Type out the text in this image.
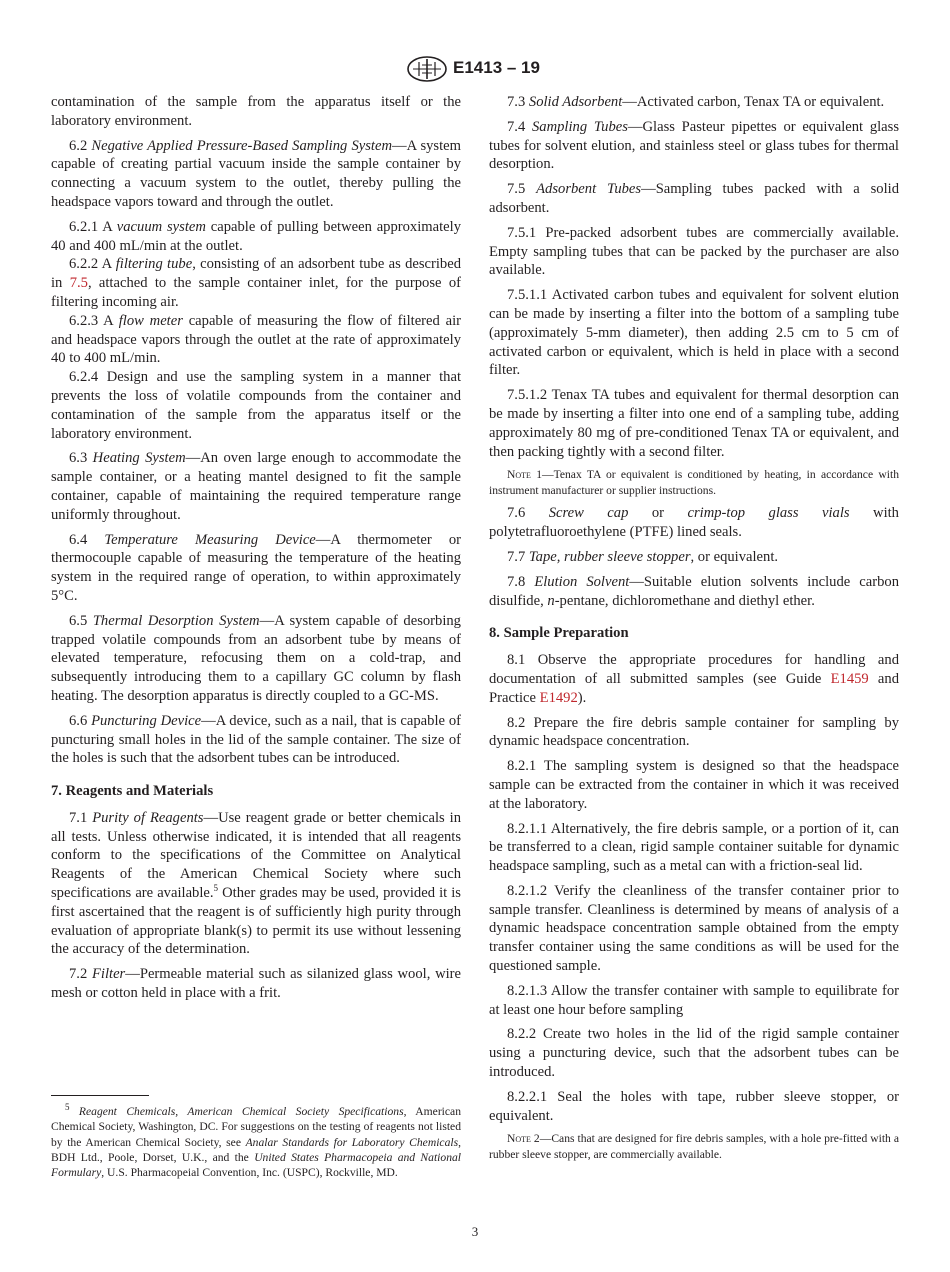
E1413 – 19

contamination of the sample from the apparatus itself or the laboratory environment.

6.2 Negative Applied Pressure-Based Sampling System—A system capable of creating partial vacuum inside the sample container by connecting a vacuum system to the outlet, thereby pulling the headspace vapors toward and through the outlet.

6.2.1 A vacuum system capable of pulling between approximately 40 and 400 mL/min at the outlet.

6.2.2 A filtering tube, consisting of an adsorbent tube as described in 7.5, attached to the sample container inlet, for the purpose of filtering incoming air.

6.2.3 A flow meter capable of measuring the flow of filtered air and headspace vapors through the outlet at the rate of approximately 40 to 400 mL/min.

6.2.4 Design and use the sampling system in a manner that prevents the loss of volatile compounds from the container and contamination of the sample from the apparatus itself or the laboratory environment.

6.3 Heating System—An oven large enough to accommodate the sample container, or a heating mantel designed to fit the sample container, capable of maintaining the required temperature range uniformly throughout.

6.4 Temperature Measuring Device—A thermometer or thermocouple capable of measuring the temperature of the heating system in the required range of operation, to within approximately 5°C.

6.5 Thermal Desorption System—A system capable of desorbing trapped volatile compounds from an adsorbent tube by means of elevated temperature, refocusing them on a cold-trap, and subsequently introducing them to a capillary GC column by flash heating. The desorption apparatus is directly coupled to a GC-MS.

6.6 Puncturing Device—A device, such as a nail, that is capable of puncturing small holes in the lid of the sample container. The size of the holes is such that the adsorbent tubes can be introduced.

7. Reagents and Materials

7.1 Purity of Reagents—Use reagent grade or better chemicals in all tests. Unless otherwise indicated, it is intended that all reagents conform to the specifications of the Committee on Analytical Reagents of the American Chemical Society where such specifications are available.$^5$ Other grades may be used, provided it is first ascertained that the reagent is of sufficiently high purity through evaluation of appropriate blank(s) to permit its use without lessening the accuracy of the determination.

7.2 Filter—Permeable material such as silanized glass wool, wire mesh or cotton held in place with a frit.

$^5$ Reagent Chemicals, American Chemical Society Specifications, American Chemical Society, Washington, DC. For suggestions on the testing of reagents not listed by the American Chemical Society, see Analar Standards for Laboratory Chemicals, BDH Ltd., Poole, Dorset, U.K., and the United States Pharmacopeia and National Formulary, U.S. Pharmacopeial Convention, Inc. (USPC), Rockville, MD.

7.3 Solid Adsorbent—Activated carbon, Tenax TA or equivalent.

7.4 Sampling Tubes—Glass Pasteur pipettes or equivalent glass tubes for solvent elution, and stainless steel or glass tubes for thermal desorption.

7.5 Adsorbent Tubes—Sampling tubes packed with a solid adsorbent.

7.5.1 Pre-packed adsorbent tubes are commercially available. Empty sampling tubes that can be packed by the purchaser are also available.

7.5.1.1 Activated carbon tubes and equivalent for solvent elution can be made by inserting a filter into the bottom of a sampling tube (approximately 5-mm diameter), then adding 2.5 cm to 5 cm of activated carbon or equivalent, which is held in place with a second filter.

7.5.1.2 Tenax TA tubes and equivalent for thermal desorption can be made by inserting a filter into one end of a sampling tube, adding approximately 80 mg of pre-conditioned Tenax TA or equivalent, and then packing tightly with a second filter.

Note 1—Tenax TA or equivalent is conditioned by heating, in accordance with instrument manufacturer or supplier instructions.

7.6 Screw cap or crimp-top glass vials with polytetrafluoroethylene (PTFE) lined seals.

7.7 Tape, rubber sleeve stopper, or equivalent.

7.8 Elution Solvent—Suitable elution solvents include carbon disulfide, n-pentane, dichloromethane and diethyl ether.

8. Sample Preparation

8.1 Observe the appropriate procedures for handling and documentation of all submitted samples (see Guide E1459 and Practice E1492).

8.2 Prepare the fire debris sample container for sampling by dynamic headspace concentration.

8.2.1 The sampling system is designed so that the headspace sample can be extracted from the container in which it was received at the laboratory.

8.2.1.1 Alternatively, the fire debris sample, or a portion of it, can be transferred to a clean, rigid sample container suitable for dynamic headspace sampling, such as a metal can with a friction-seal lid.

8.2.1.2 Verify the cleanliness of the transfer container prior to sample transfer. Cleanliness is determined by means of analysis of a dynamic headspace concentration sample obtained from the empty transfer container using the same conditions as will be used for the questioned sample.

8.2.1.3 Allow the transfer container with sample to equilibrate for at least one hour before sampling

8.2.2 Create two holes in the lid of the rigid sample container using a puncturing device, such that the adsorbent tubes can be introduced.

8.2.2.1 Seal the holes with tape, rubber sleeve stopper, or equivalent.

Note 2—Cans that are designed for fire debris samples, with a hole pre-fitted with a rubber sleeve stopper, are commercially available.

3
